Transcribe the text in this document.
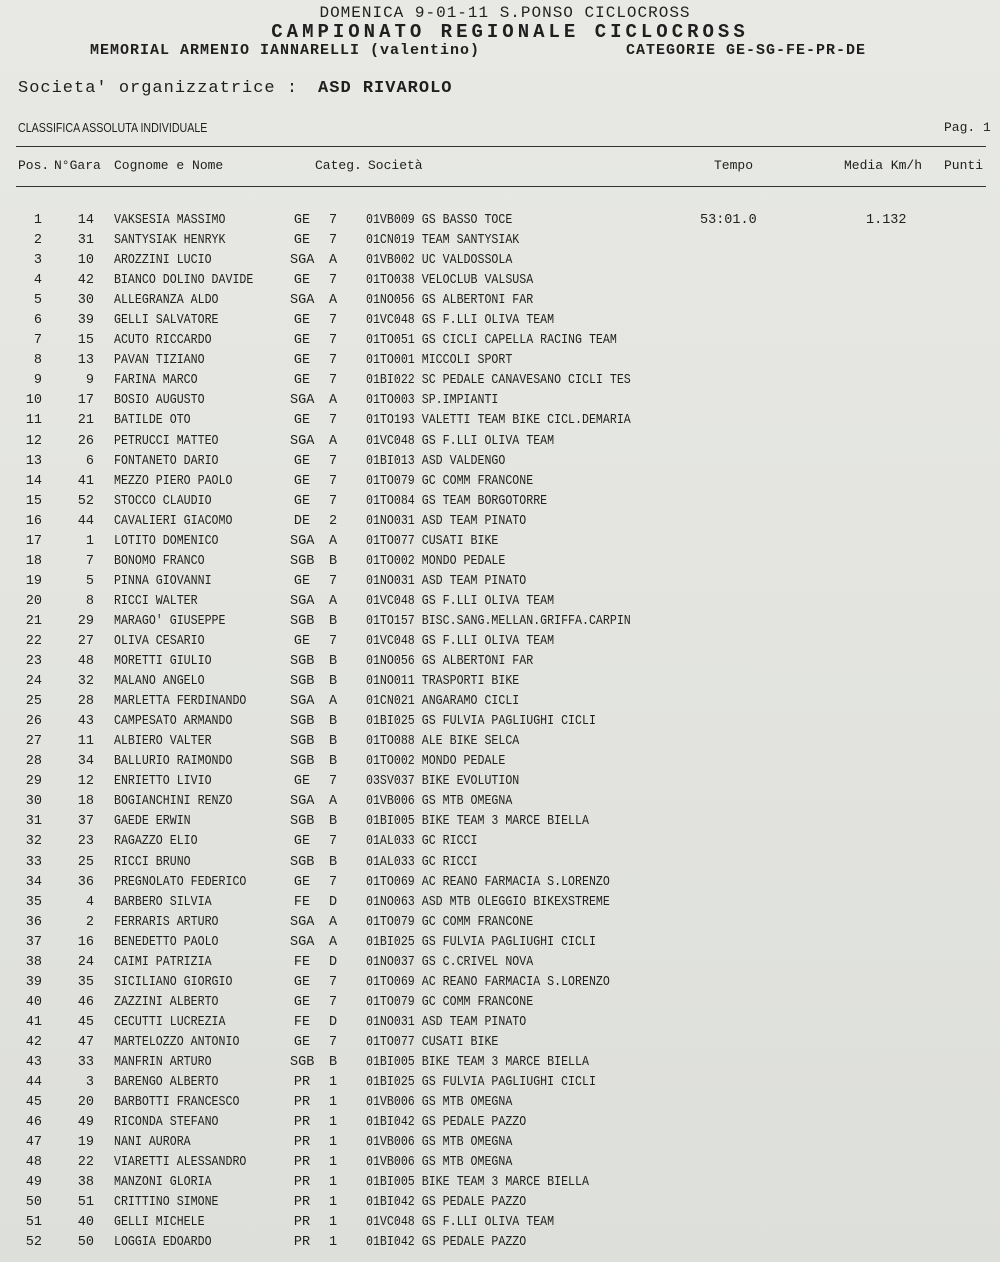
DOMENICA 9-01-11 S.PONSO CICLOCROSS
CAMPIONATO REGIONALE CICLOCROSS
MEMORIAL ARMENIO IANNARELLI (valentino)	CATEGORIE GE-SG-FE-PR-DE
Societa' organizzatrice : ASD RIVAROLO
CLASSIFICA ASSOLUTA INDIVIDUALE	Pag. 1
Pos. N°Gara Cognome e Nome	Categ. Società	Tempo	Media Km/h Punti
1	14 VAKSESIA MASSIMO	GE 7 01VB009 GS BASSO TOCE	53:01.0	1.132
2	31 SANTYSIAK HENRYK	GE 7 01CN019 TEAM SANTYSIAK
3	10 AROZZINI LUCIO	SGA A 01VB002 UC VALDOSSOLA
4	42 BIANCO DOLINO DAVIDE	GE 7 01TO038 VELOCLUB VALSUSA
5	30 ALLEGRANZA ALDO	SGA A 01NO056 GS ALBERTONI FAR
6	39 GELLI SALVATORE	GE 7 01VC048 GS F.LLI OLIVA TEAM
7	15 ACUTO RICCARDO	GE 7 01TO051 GS CICLI CAPELLA RACING TEAM
8	13 PAVAN TIZIANO	GE 7 01TO001 MICCOLI SPORT
9	9 FARINA MARCO	GE 7 01BI022 SC PEDALE CANAVESANO CICLI TES
10	17 BOSIO AUGUSTO	SGA A 01TO003 SP.IMPIANTI
11	21 BATILDE OTO	GE 7 01TO193 VALETTI TEAM BIKE CICL.DEMARIA
12	26 PETRUCCI MATTEO	SGA A 01VC048 GS F.LLI OLIVA TEAM
13	6 FONTANETO DARIO	GE 7 01BI013 ASD VALDENGO
14	41 MEZZO PIERO PAOLO	GE 7 01TO079 GC COMM FRANCONE
15	52 STOCCO CLAUDIO	GE 7 01TO084 GS TEAM BORGOTORRE
16	44 CAVALIERI GIACOMO	DE 2 01NO031 ASD TEAM PINATO
17	1 LOTITO DOMENICO	SGA A 01TO077 CUSATI BIKE
18	7 BONOMO FRANCO	SGB B 01TO002 MONDO PEDALE
19	5 PINNA GIOVANNI	GE 7 01NO031 ASD TEAM PINATO
20	8 RICCI WALTER	SGA A 01VC048 GS F.LLI OLIVA TEAM
21	29 MARAGO' GIUSEPPE	SGB B 01TO157 BISC.SANG.MELLAN.GRIFFA.CARPIN
22	27 OLIVA CESARIO	GE 7 01VC048 GS F.LLI OLIVA TEAM
23	48 MORETTI GIULIO	SGB B 01NO056 GS ALBERTONI FAR
24	32 MALANO ANGELO	SGB B 01NO011 TRASPORTI BIKE
25	28 MARLETTA FERDINANDO	SGA A 01CN021 ANGARAMO CICLI
26	43 CAMPESATO ARMANDO	SGB B 01BI025 GS FULVIA PAGLIUGHI CICLI
27	11 ALBIERO VALTER	SGB B 01TO088 ALE BIKE SELCA
28	34 BALLURIO RAIMONDO	SGB B 01TO002 MONDO PEDALE
29	12 ENRIETTO LIVIO	GE 7 03SV037 BIKE EVOLUTION
30	18 BOGIANCHINI RENZO	SGA A 01VB006 GS MTB OMEGNA
31	37 GAEDE ERWIN	SGB B 01BI005 BIKE TEAM 3 MARCE BIELLA
32	23 RAGAZZO ELIO	GE 7 01AL033 GC RICCI
33	25 RICCI BRUNO	SGB B 01AL033 GC RICCI
34	36 PREGNOLATO FEDERICO	GE 7 01TO069 AC REANO FARMACIA S.LORENZO
35	4 BARBERO SILVIA	FE D 01NO063 ASD MTB OLEGGIO BIKEXSTREME
36	2 FERRARIS ARTURO	SGA A 01TO079 GC COMM FRANCONE
37	16 BENEDETTO PAOLO	SGA A 01BI025 GS FULVIA PAGLIUGHI CICLI
38	24 CAIMI PATRIZIA	FE D 01NO037 GS C.CRIVEL NOVA
39	35 SICILIANO GIORGIO	GE 7 01TO069 AC REANO FARMACIA S.LORENZO
40	46 ZAZZINI ALBERTO	GE 7 01TO079 GC COMM FRANCONE
41	45 CECUTTI LUCREZIA	FE D 01NO031 ASD TEAM PINATO
42	47 MARTELOZZO ANTONIO	GE 7 01TO077 CUSATI BIKE
43	33 MANFRIN ARTURO	SGB B 01BI005 BIKE TEAM 3 MARCE BIELLA
44	3 BARENGO ALBERTO	PR 1 01BI025 GS FULVIA PAGLIUGHI CICLI
45	20 BARBOTTI FRANCESCO	PR 1 01VB006 GS MTB OMEGNA
46	49 RICONDA STEFANO	PR 1 01BI042 GS PEDALE PAZZO
47	19 NANI AURORA	PR 1 01VB006 GS MTB OMEGNA
48	22 VIARETTI ALESSANDRO	PR 1 01VB006 GS MTB OMEGNA
49	38 MANZONI GLORIA	PR 1 01BI005 BIKE TEAM 3 MARCE BIELLA
50	51 CRITTINO SIMONE	PR 1 01BI042 GS PEDALE PAZZO
51	40 GELLI MICHELE	PR 1 01VC048 GS F.LLI OLIVA TEAM
52	50 LOGGIA EDOARDO	PR 1 01BI042 GS PEDALE PAZZO
